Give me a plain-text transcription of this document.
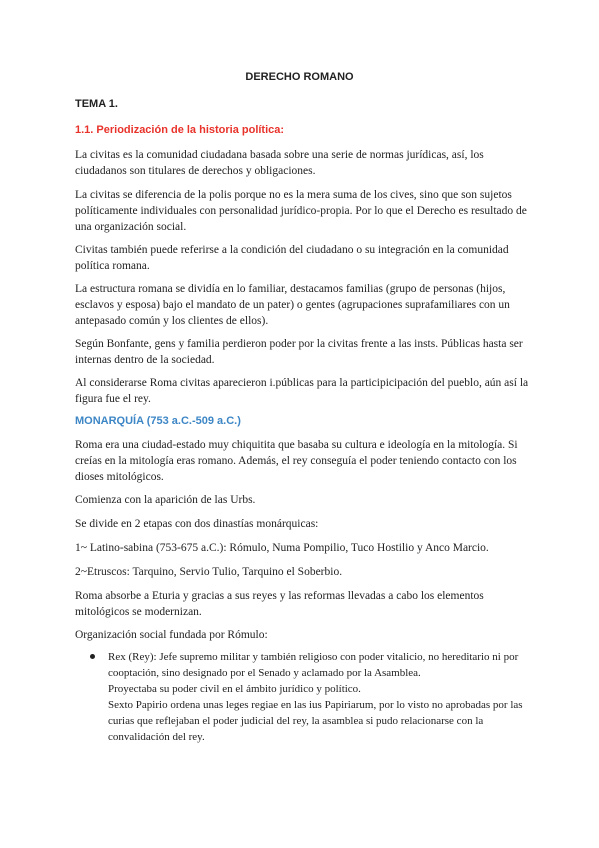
DERECHO ROMANO
TEMA 1.
1.1. Periodización de la historia política:

La civitas es la comunidad ciudadana basada sobre una serie de normas jurídicas, así, los ciudadanos son titulares de derechos y obligaciones.

La civitas se diferencia de la polis porque no es la mera suma de los cives, sino que son sujetos políticamente individuales con personalidad jurídico-propia. Por lo que el Derecho es resultado de una organización social.

Civitas también puede referirse a la condición del ciudadano o su integración en la comunidad política romana.

La estructura romana se dividía en lo familiar, destacamos familias (grupo de personas (hijos, esclavos y esposa) bajo el mandato de un pater) o gentes (agrupaciones suprafamiliares con un antepasado común y los clientes de ellos).

Según Bonfante, gens y familia perdieron poder por la civitas frente a las insts. Públicas hasta ser internas dentro de la sociedad.

Al considerarse Roma civitas aparecieron i.públicas para la participicipación del pueblo, aún así la figura fue el rey.

MONARQUÍA (753 a.C.-509 a.C.)

Roma era una ciudad-estado muy chiquitita que basaba su cultura e ideología en la mitología. Si creías en la mitología eras romano. Además, el rey conseguía el poder teniendo contacto con los dioses mitológicos.

Comienza con la aparición de las Urbs.

Se divide en 2 etapas con dos dinastías monárquicas:

1~ Latino-sabina (753-675 a.C.): Rómulo, Numa Pompilio, Tuco Hostilio y Anco Marcio.

2~Etruscos: Tarquino, Servio Tulio, Tarquino el Soberbio.

Roma absorbe a Eturia y gracias a sus reyes y las reformas llevadas a cabo los elementos mitológicos se modernizan.

Organización social fundada por Rómulo:

Rex (Rey): Jefe supremo militar y también religioso con poder vitalicio, no hereditario ni por cooptación, sino designado por el Senado y aclamado por la Asamblea.
Proyectaba su poder civil en el ámbito jurídico y político.
Sexto Papirio ordena unas leges regiae en las ius Papiriarum, por lo visto no aprobadas por las curias que reflejaban el poder judicial del rey, la asamblea si pudo relacionarse con la convalidación del rey.
